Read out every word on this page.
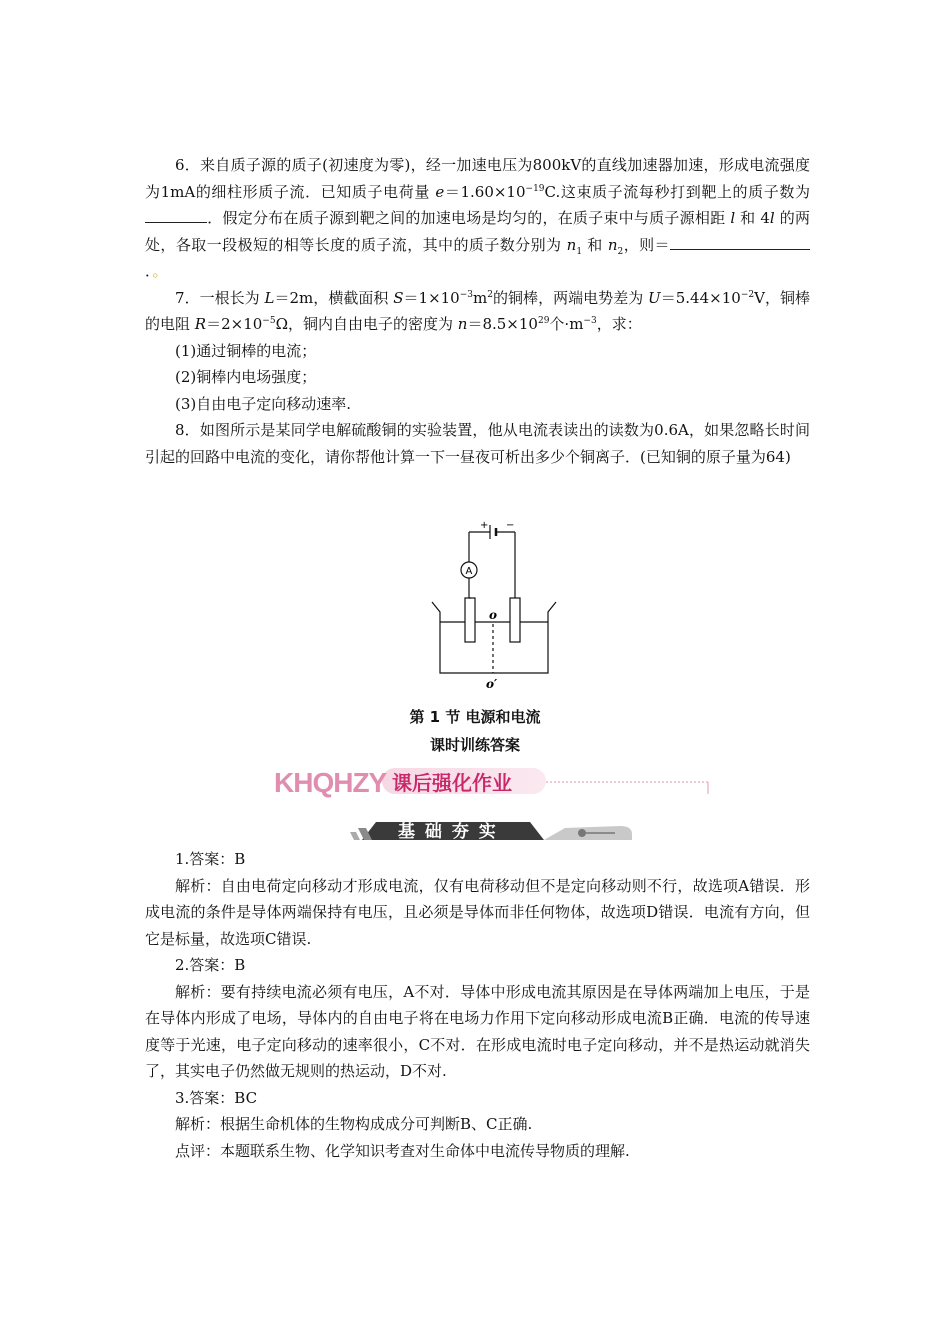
6．来自质子源的质子(初速度为零)，经一加速电压为800kV的直线加速器加速，形成电流强度为1mA的细柱形质子流．已知质子电荷量 $e=1.60\times 10^{-19}C$.这束质子流每秒打到靶上的质子数为．假定分布在质子源到靶之间的加速电场是均匀的，在质子束中与质子源相距 l 和 4l 的两处，各取一段极短的相等长度的质子流，其中的质子数分别为 $n_1$ 和 $n_2$，则＝．。

7．一根长为 L＝2m，横截面积 $S=1\times 10^{-3}m^2$的铜棒，两端电势差为 $U=5.44\times 10^{-2}V$，铜棒的电阻 $R=2\times 10^{-5}\Omega$，铜内自由电子的密度为 $n=8.5\times 10^{29}$个$\cdot m^{-3}$，求：

(1)通过铜棒的电流；

(2)铜棒内电场强度；

(3)自由电子定向移动速率.

8．如图所示是某同学电解硫酸铜的实验装置，他从电流表读出的读数为0.6A，如果忽略长时间引起的回路中电流的变化，请你帮他计算一下一昼夜可析出多少个铜离子．(已知铜的原子量为64)

+ −
A
o
o′
第 1 节 电源和电流
课时训练答案
KHQHZY 课后强化作业
基 础 夯 实

1.答案：B

解析：自由电荷定向移动才形成电流，仅有电荷移动但不是定向移动则不行，故选项A错误．形成电流的条件是导体两端保持有电压，且必须是导体而非任何物体，故选项D错误．电流有方向，但它是标量，故选项C错误.

2.答案：B

解析：要有持续电流必须有电压，A不对．导体中形成电流其原因是在导体两端加上电压，于是在导体内形成了电场，导体内的自由电子将在电场力作用下定向移动形成电流B正确．电流的传导速度等于光速，电子定向移动的速率很小，C不对．在形成电流时电子定向移动，并不是热运动就消失了，其实电子仍然做无规则的热运动，D不对.

3.答案：BC

解析：根据生命机体的生物构成成分可判断B、C正确.

点评：本题联系生物、化学知识考查对生命体中电流传导物质的理解.
